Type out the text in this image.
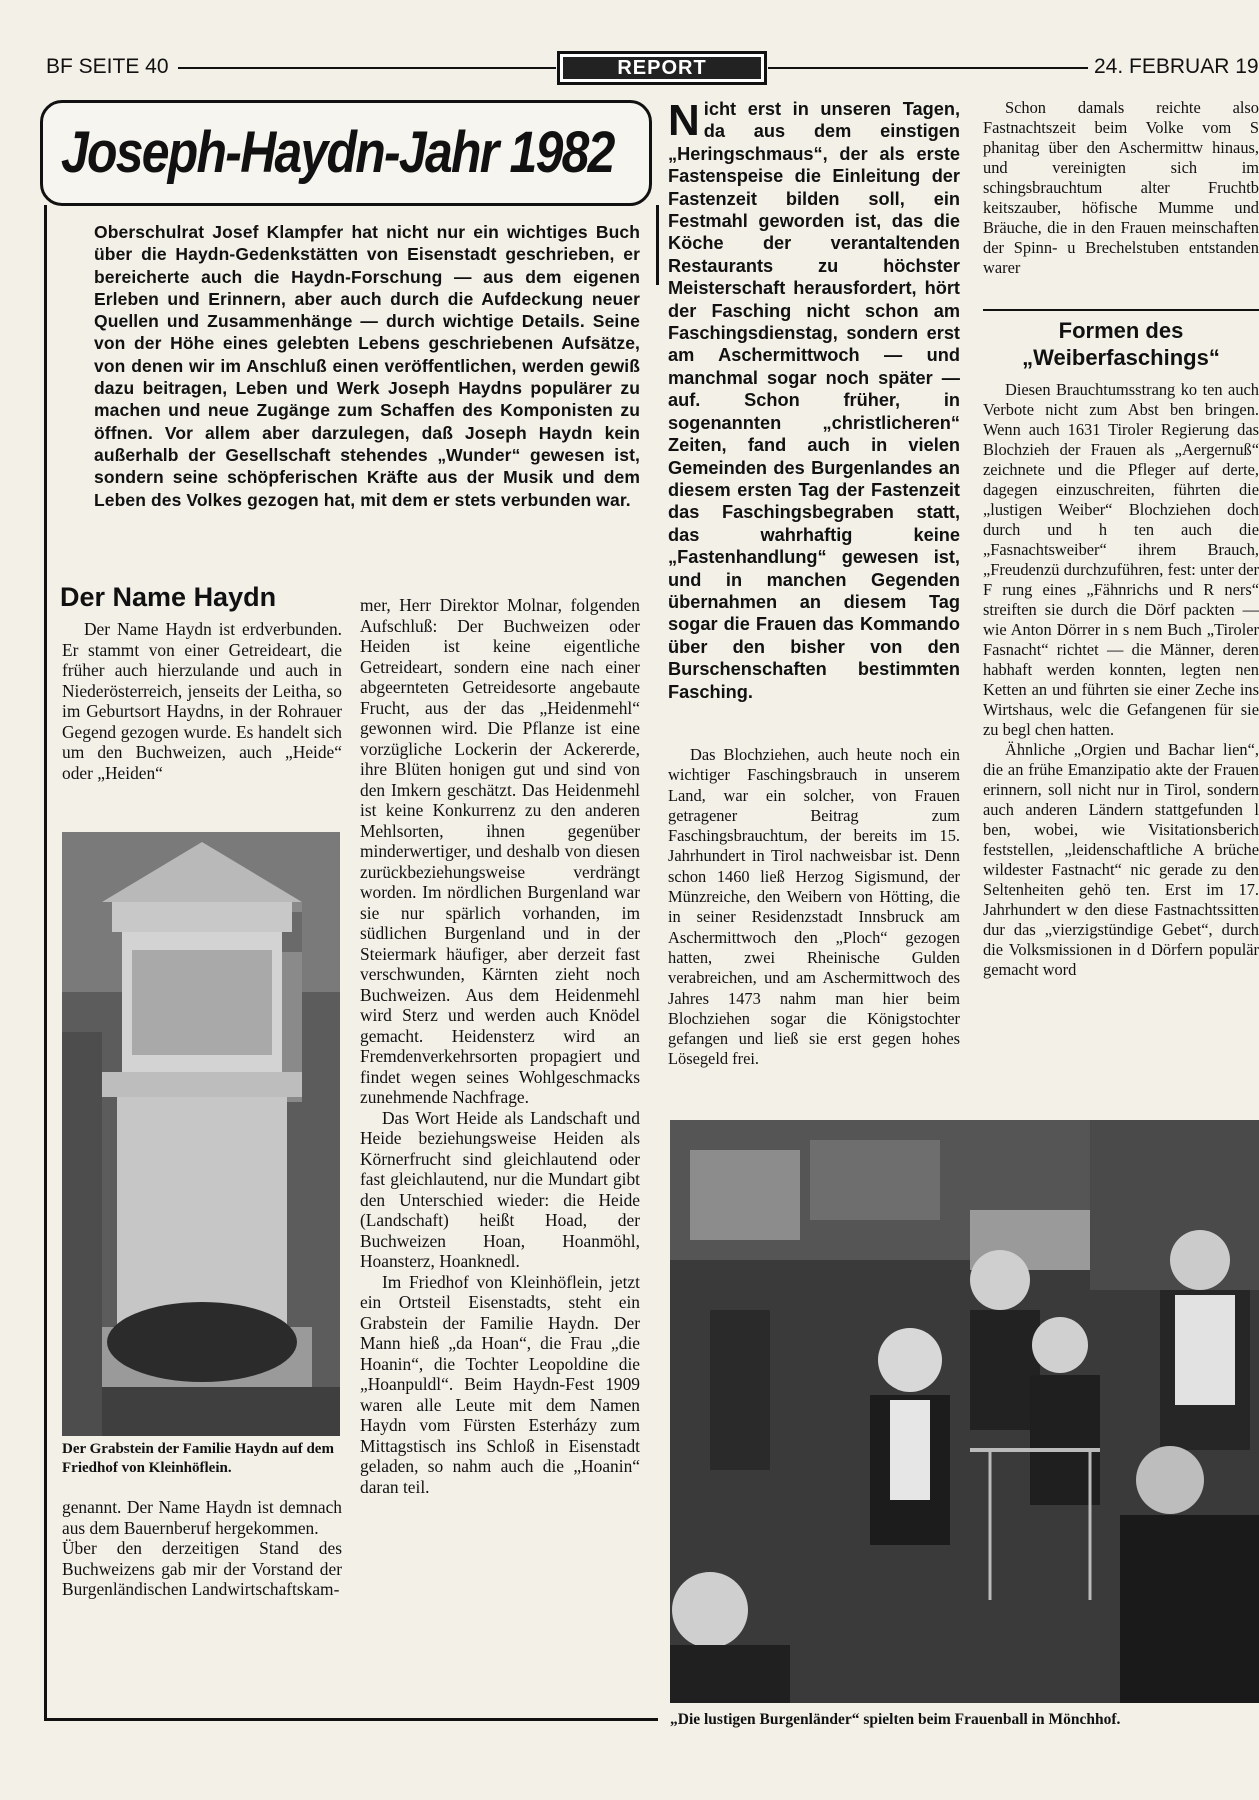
BF SEITE 40	REPORT	24. FEBRUAR 19
Joseph-Haydn-Jahr 1982
Oberschulrat Josef Klampfer hat nicht nur ein wichtiges Buch über die Haydn-Gedenkstätten von Eisenstadt geschrieben, er bereicherte auch die Haydn-Forschung — aus dem eigenen Erleben und Erinnern, aber auch durch die Aufdeckung neuer Quellen und Zusammenhänge — durch wichtige Details. Seine von der Höhe eines gelebten Lebens geschriebenen Aufsätze, von denen wir im Anschluß einen veröffentlichen, werden gewiß dazu beitragen, Leben und Werk Joseph Haydns populärer zu machen und neue Zugänge zum Schaffen des Komponisten zu öffnen. Vor allem aber darzulegen, daß Joseph Haydn kein außerhalb der Gesellschaft stehendes „Wunder“ gewesen ist, sondern seine schöpferischen Kräfte aus der Musik und dem Leben des Volkes gezogen hat, mit dem er stets verbunden war.
Der Name Haydn

Der Name Haydn ist erdverbunden. Er stammt von einer Getreideart, die früher auch hierzulande und auch in Niederösterreich, jenseits der Leitha, so im Geburtsort Haydns, in der Rohrauer Gegend gezogen wurde. Es handelt sich um den Buchweizen, auch „Heide“ oder „Heiden“

Der Grabstein der Familie Haydn auf dem Friedhof von Kleinhöflein.

genannt. Der Name Haydn ist demnach aus dem Bauernberuf hergekommen.

Über den derzeitigen Stand des Buchweizens gab mir der Vorstand der Burgenländischen Landwirtschaftskam-

mer, Herr Direktor Molnar, folgenden Aufschluß: Der Buchweizen oder Heiden ist keine eigentliche Getreideart, sondern eine nach einer abgeernteten Getreidesorte angebaute Frucht, aus der das „Heidenmehl“ gewonnen wird. Die Pflanze ist eine vorzügliche Lockerin der Ackererde, ihre Blüten honigen gut und sind von den Imkern geschätzt. Das Heidenmehl ist keine Konkurrenz zu den anderen Mehlsorten, ihnen gegenüber minderwertiger, und deshalb von diesen zurückbeziehungsweise verdrängt worden. Im nördlichen Burgenland war sie nur spärlich vorhanden, im südlichen Burgenland und in der Steiermark häufiger, aber derzeit fast verschwunden, Kärnten zieht noch Buchweizen. Aus dem Heidenmehl wird Sterz und werden auch Knödel gemacht. Heidensterz wird an Fremdenverkehrsorten propagiert und findet wegen seines Wohlgeschmacks zunehmende Nachfrage.

Das Wort Heide als Landschaft und Heide beziehungsweise Heiden als Körnerfrucht sind gleichlautend oder fast gleichlautend, nur die Mundart gibt den Unterschied wieder: die Heide (Landschaft) heißt Hoad, der Buchweizen Hoan, Hoanmöhl, Hoansterz, Hoanknedl.

Im Friedhof von Kleinhöflein, jetzt ein Ortsteil Eisenstadts, steht ein Grabstein der Familie Haydn. Der Mann hieß „da Hoan“, die Frau „die Hoanin“, die Tochter Leopoldine die „Hoanpuldl“. Beim Haydn-Fest 1909 waren alle Leute mit dem Namen Haydn vom Fürsten Esterházy zum Mittagstisch ins Schloß in Eisenstadt geladen, so nahm auch die „Hoanin“ daran teil.

Nicht erst in unseren Tagen, da aus dem einstigen „Heringschmaus“, der als erste Fastenspeise die Einleitung der Fastenzeit bilden soll, ein Festmahl geworden ist, das die Köche der verantaltenden Restaurants zu höchster Meisterschaft herausfordert, hört der Fasching nicht schon am Faschingsdienstag, sondern erst am Aschermittwoch — und manchmal sogar noch später — auf. Schon früher, in sogenannten „christlicheren“ Zeiten, fand auch in vielen Gemeinden des Burgenlandes an diesem ersten Tag der Fastenzeit das Faschingsbegraben statt, das wahrhaftig keine „Fastenhandlung“ gewesen ist, und in manchen Gegenden übernahmen an diesem Tag sogar die Frauen das Kommando über den bisher von den Burschenschaften bestimmten Fasching.

Das Blochziehen, auch heute noch ein wichtiger Faschingsbrauch in unserem Land, war ein solcher, von Frauen getragener Beitrag zum Faschingsbrauchtum, der bereits im 15. Jahrhundert in Tirol nachweisbar ist. Denn schon 1460 ließ Herzog Sigismund, der Münzreiche, den Weibern von Hötting, die in seiner Residenzstadt Innsbruck am Aschermittwoch den „Ploch“ gezogen hatten, zwei Rheinische Gulden verabreichen, und am Aschermittwoch des Jahres 1473 nahm man hier beim Blochziehen sogar die Königstochter gefangen und ließ sie erst gegen hohes Lösegeld frei.

Schon damals reichte also Fastnachtszeit beim Volke vom S phanitag über den Aschermittw hinaus, und vereinigten sich im schingsbrauchtum alter Fruchtb keitszauber, höfische Mumme und Bräuche, die in den Frauen meinschaften der Spinn- u Brechelstuben entstanden warer

Formen des „Weiberfaschings“

Diesen Brauchtumsstrang ko ten auch Verbote nicht zum Abst ben bringen. Wenn auch 1631 Tiroler Regierung das Blochzieh der Frauen als „Aergernuß“ zeichnete und die Pfleger auf derte, dagegen einzuschreiten, führten die „lustigen Weiber“ Blochziehen doch durch und h ten auch die „Fasnachtsweiber“ ihrem Brauch, „Freudenzü durchzuführen, fest: unter der F rung eines „Fähnrichs und R ners“ streiften sie durch die Dörf packten — wie Anton Dörrer in s nem Buch „Tiroler Fasnacht“ richtet — die Männer, deren habhaft werden konnten, legten nen Ketten an und führten sie einer Zeche ins Wirtshaus, welc die Gefangenen für sie zu begl chen hatten.

Ähnliche „Orgien und Bachar lien“, die an frühe Emanzipatio akte der Frauen erinnern, soll nicht nur in Tirol, sondern auch anderen Ländern stattgefunden l ben, wobei, wie Visitationsberich feststellen, „leidenschaftliche A brüche wildester Fastnacht“ nic gerade zu den Seltenheiten gehö ten. Erst im 17. Jahrhundert w den diese Fastnachtssitten dur das „vierzigstündige Gebet“, durch die Volksmissionen in d Dörfern populär gemacht word

„Die lustigen Burgenländer“ spielten beim Frauenball in Mönchhof.
